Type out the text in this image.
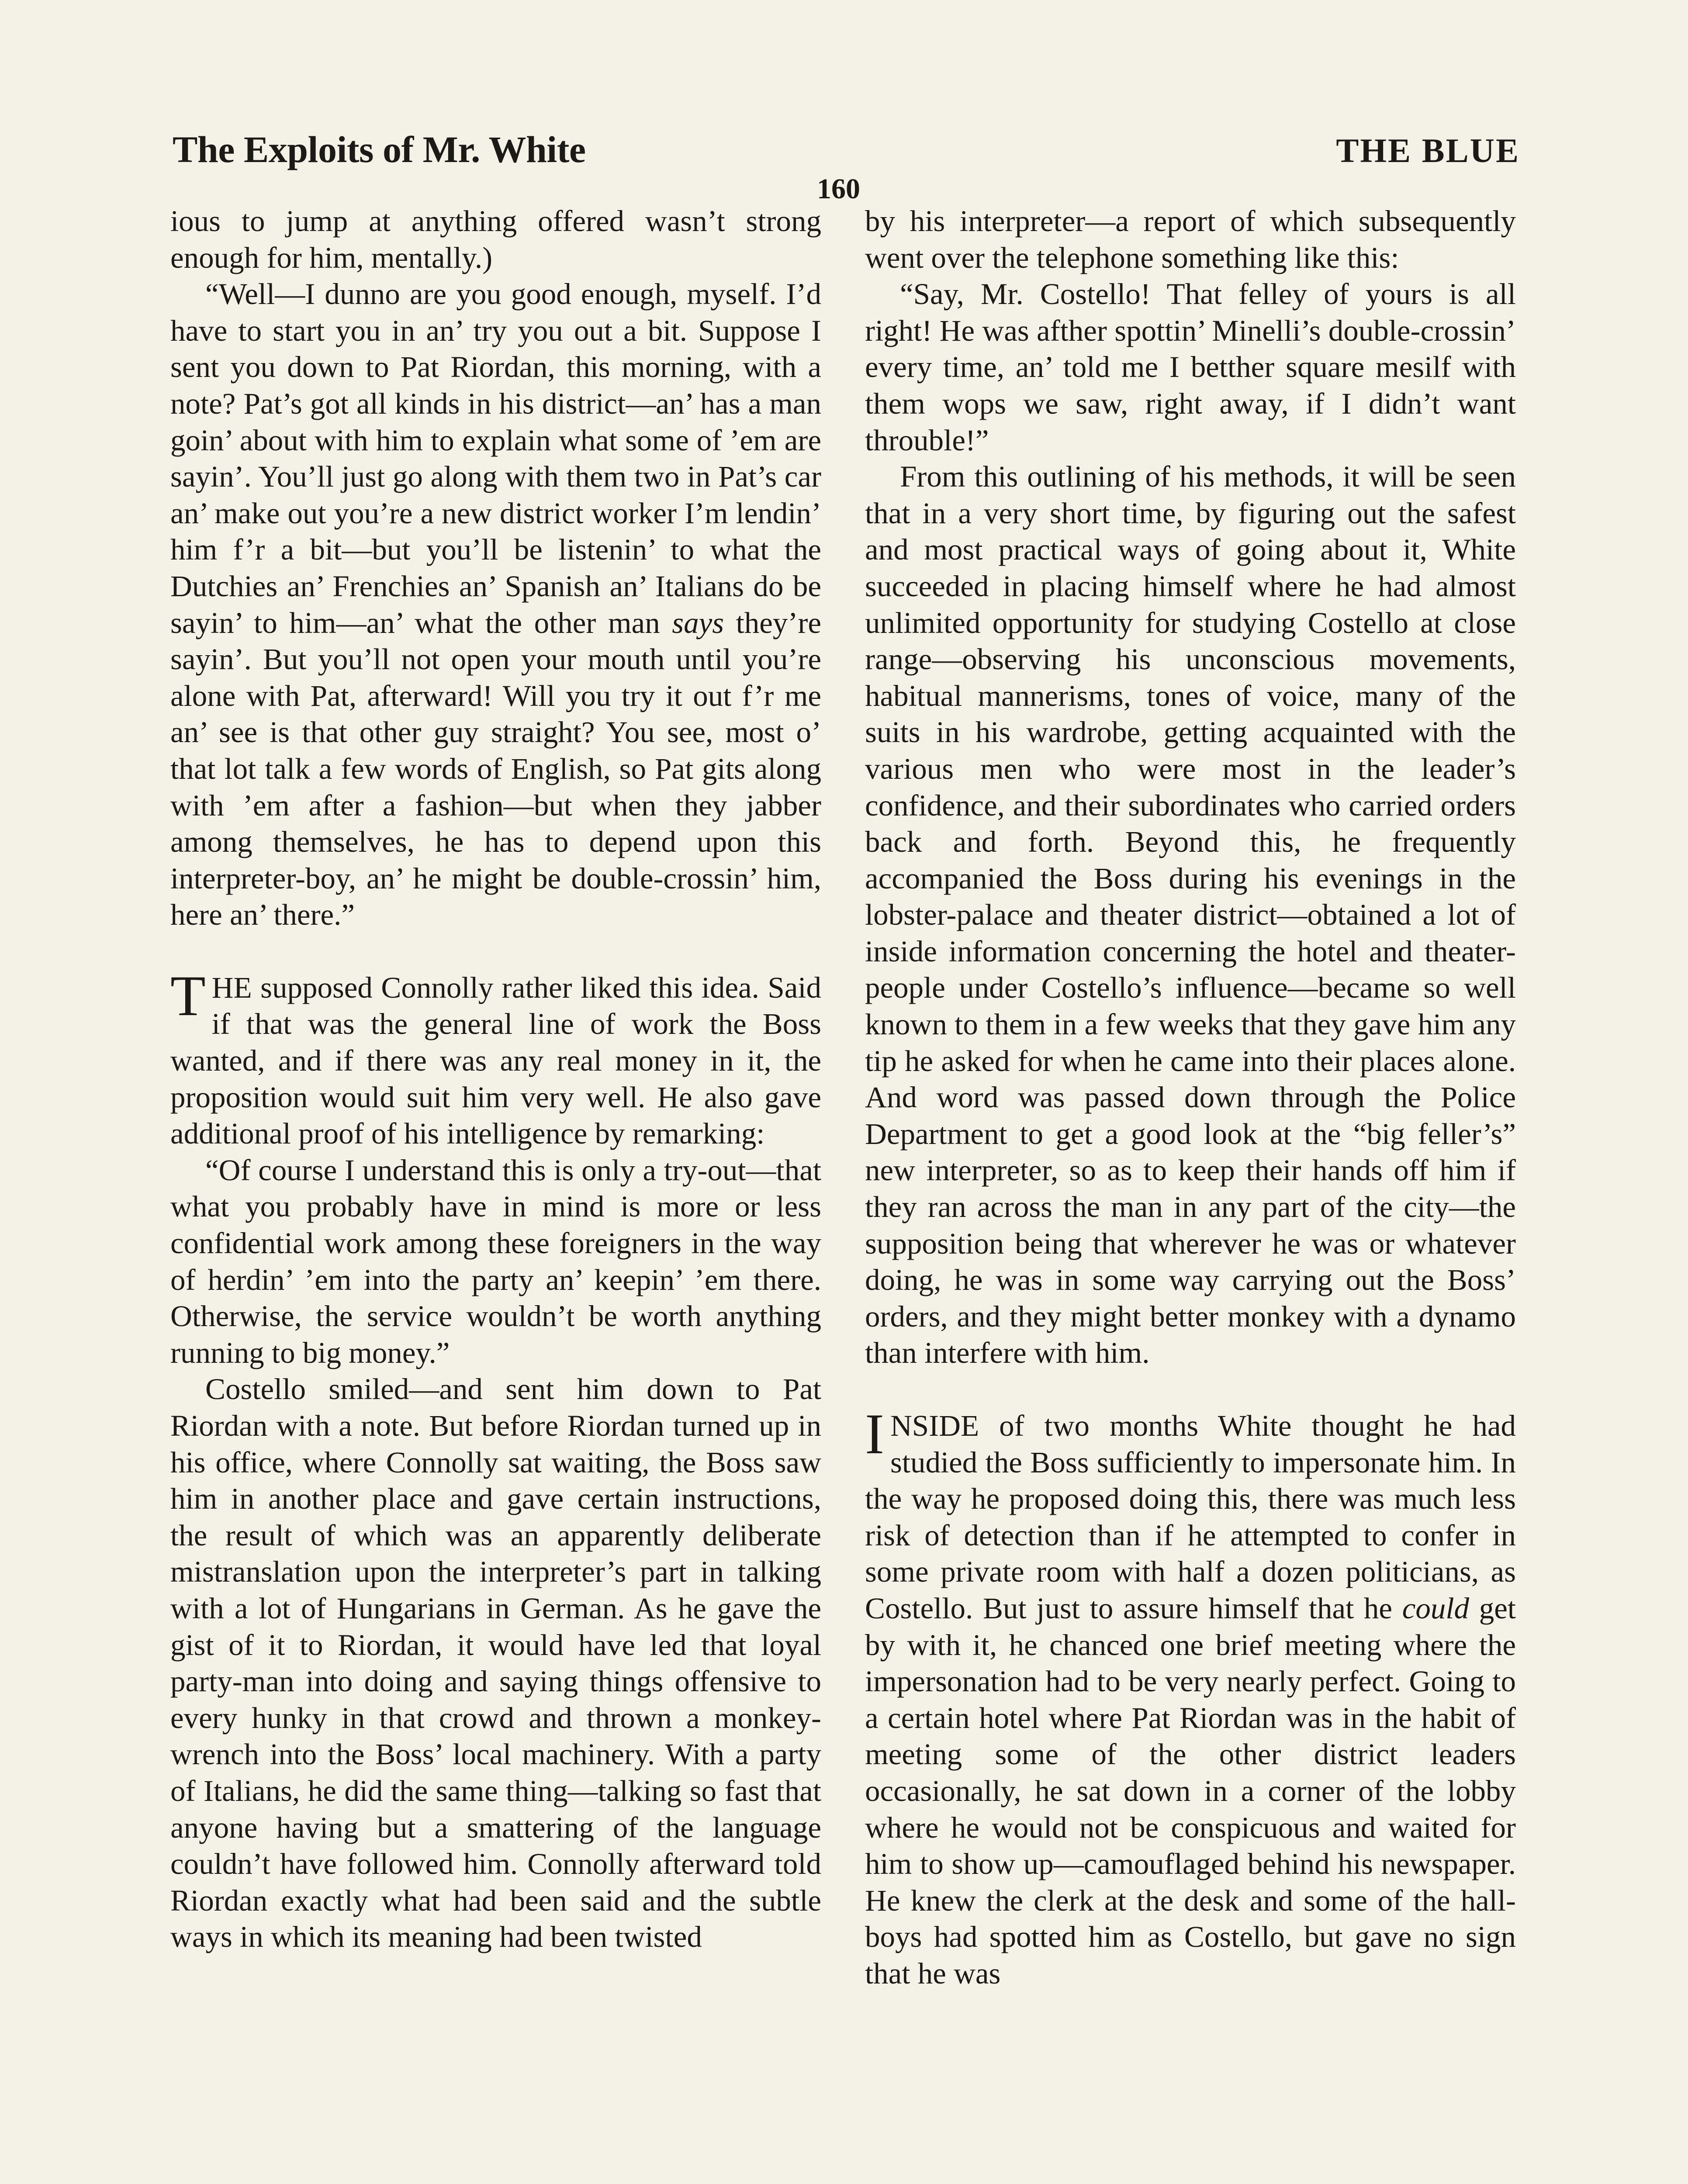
The Exploits of Mr. White	THE BLUE
160

ious to jump at anything offered wasn’t strong enough for him, mentally.)

“Well—I dunno are you good enough, myself. I’d have to start you in an’ try you out a bit. Suppose I sent you down to Pat Riordan, this morning, with a note? Pat’s got all kinds in his district—an’ has a man goin’ about with him to explain what some of ’em are sayin’. You’ll just go along with them two in Pat’s car an’ make out you’re a new district worker I’m lendin’ him f’r a bit—but you’ll be listenin’ to what the Dutchies an’ Frenchies an’ Spanish an’ Italians do be sayin’ to him—an’ what the other man says they’re sayin’. But you’ll not open your mouth until you’re alone with Pat, afterward! Will you try it out f’r me an’ see is that other guy straight? You see, most o’ that lot talk a few words of English, so Pat gits along with ’em after a fashion—but when they jabber among themselves, he has to depend upon this interpreter-boy, an’ he might be double-crossin’ him, here an’ there.”

THE supposed Connolly rather liked this idea. Said if that was the general line of work the Boss wanted, and if there was any real money in it, the proposition would suit him very well. He also gave additional proof of his intelligence by remarking:

“Of course I understand this is only a try-out—that what you probably have in mind is more or less confidential work among these foreigners in the way of herdin’ ’em into the party an’ keepin’ ’em there. Otherwise, the service wouldn’t be worth anything running to big money.”

Costello smiled—and sent him down to Pat Riordan with a note. But before Riordan turned up in his office, where Connolly sat waiting, the Boss saw him in another place and gave certain instructions, the result of which was an apparently deliberate mistranslation upon the interpreter’s part in talking with a lot of Hungarians in German. As he gave the gist of it to Riordan, it would have led that loyal party-man into doing and saying things offensive to every hunky in that crowd and thrown a monkey-wrench into the Boss’ local machinery. With a party of Italians, he did the same thing—talking so fast that anyone having but a smattering of the language couldn’t have followed him. Connolly afterward told Riordan exactly what had been said and the subtle ways in which its meaning had been twisted

by his interpreter—a report of which subsequently went over the telephone something like this:

“Say, Mr. Costello! That felley of yours is all right! He was afther spottin’ Minelli’s double-crossin’ every time, an’ told me I betther square mesilf with them wops we saw, right away, if I didn’t want throuble!”

From this outlining of his methods, it will be seen that in a very short time, by figuring out the safest and most practical ways of going about it, White succeeded in placing himself where he had almost unlimited opportunity for studying Costello at close range—observing his unconscious movements, habitual mannerisms, tones of voice, many of the suits in his wardrobe, getting acquainted with the various men who were most in the leader’s confidence, and their subordinates who carried orders back and forth. Beyond this, he frequently accompanied the Boss during his evenings in the lobster-palace and theater district—obtained a lot of inside information concerning the hotel and theater-people under Costello’s influence—became so well known to them in a few weeks that they gave him any tip he asked for when he came into their places alone. And word was passed down through the Police Department to get a good look at the “big feller’s” new interpreter, so as to keep their hands off him if they ran across the man in any part of the city—the supposition being that wherever he was or whatever doing, he was in some way carrying out the Boss’ orders, and they might better monkey with a dynamo than interfere with him.

INSIDE of two months White thought he had studied the Boss sufficiently to impersonate him. In the way he proposed doing this, there was much less risk of detection than if he attempted to confer in some private room with half a dozen politicians, as Costello. But just to assure himself that he could get by with it, he chanced one brief meeting where the impersonation had to be very nearly perfect. Going to a certain hotel where Pat Riordan was in the habit of meeting some of the other district leaders occasionally, he sat down in a corner of the lobby where he would not be conspicuous and waited for him to show up—camouflaged behind his newspaper. He knew the clerk at the desk and some of the hall-boys had spotted him as Costello, but gave no sign that he was
